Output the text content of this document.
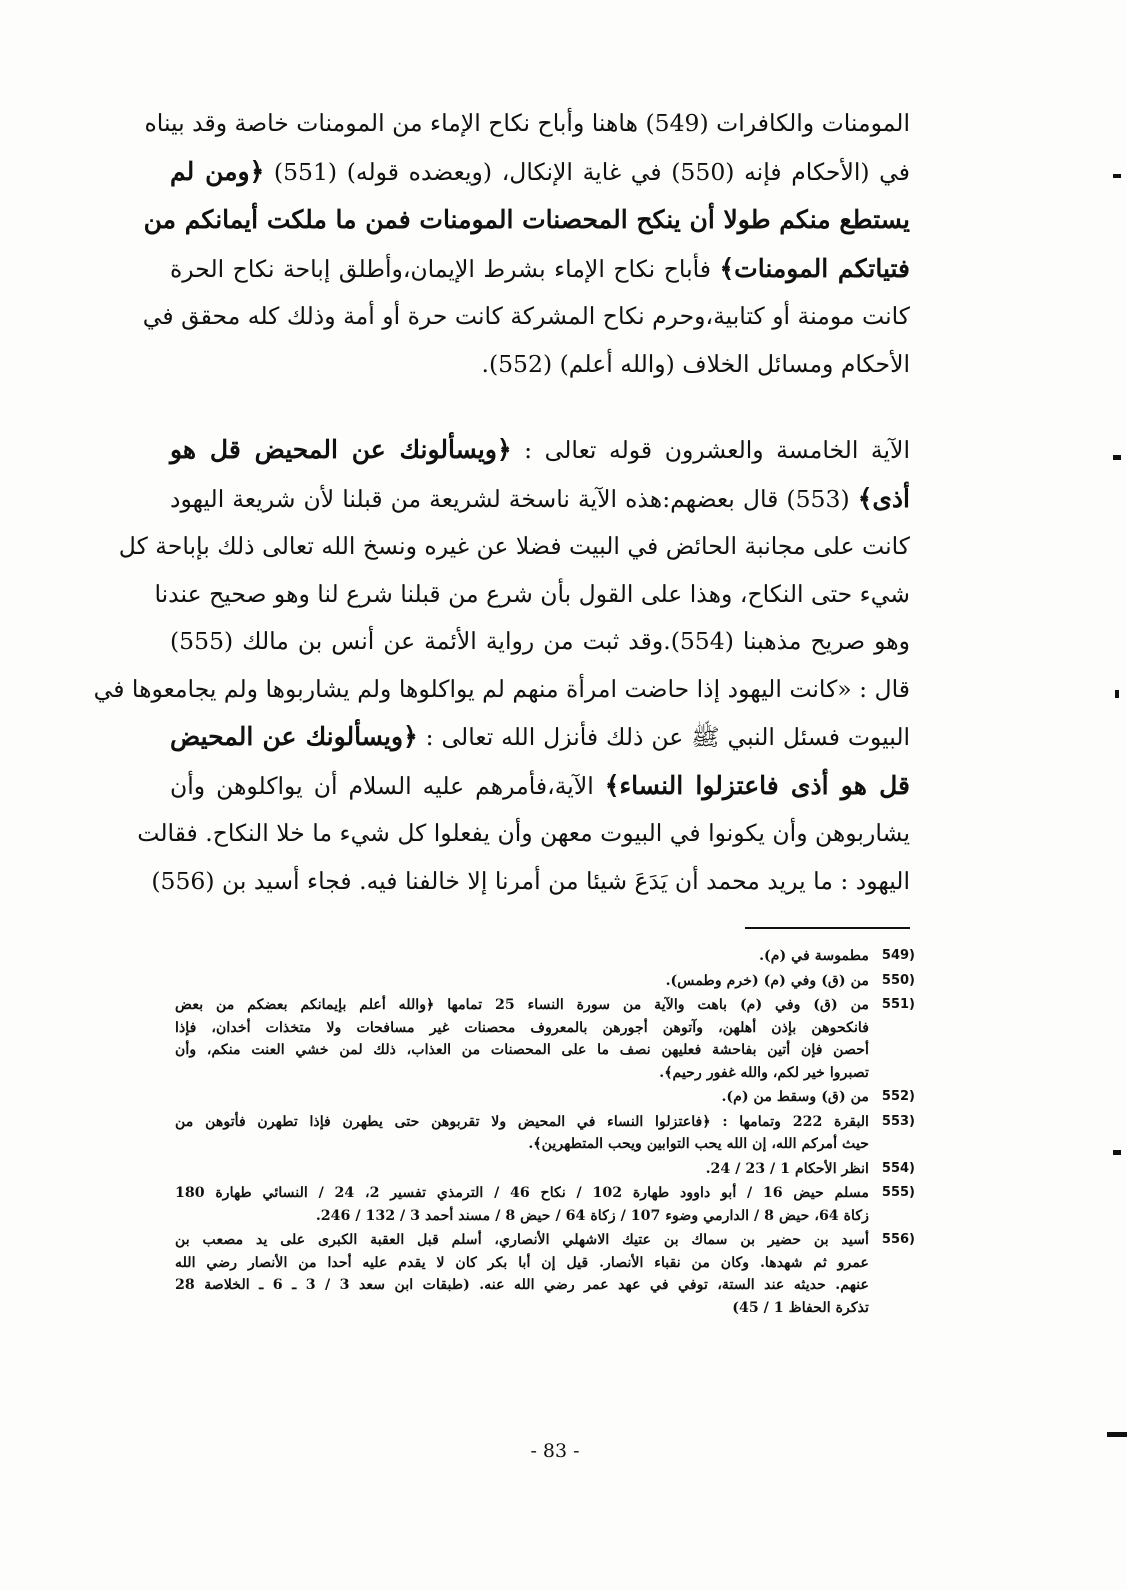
المومنات والكافرات (549) هاهنا وأباح نكاح الإماء من المومنات خاصة وقد بيناه
في (الأحكام فإنه (550) في غاية الإنكال، (ويعضده قوله) (551) ﴿ومن لم
يستطع منكم طولا أن ينكح المحصنات المومنات فمن ما ملكت أيمانكم من
فتياتكم المومنات﴾ فأباح نكاح الإماء بشرط الإيمان،وأطلق إباحة نكاح الحرة
كانت مومنة أو كتابية،وحرم نكاح المشركة كانت حرة أو أمة وذلك كله محقق في
الأحكام ومسائل الخلاف (والله أعلم) (552).
الآية الخامسة والعشرون قوله تعالى : ﴿ويسألونك عن المحيض قل هو
أذى﴾ (553) قال بعضهم:هذه الآية ناسخة لشريعة من قبلنا لأن شريعة اليهود
كانت على مجانبة الحائض في البيت فضلا عن غيره ونسخ الله تعالى ذلك بإباحة كل
شيء حتى النكاح، وهذا على القول بأن شرع من قبلنا شرع لنا وهو صحيح عندنا
وهو صريح مذهبنا (554).وقد ثبت من رواية الأئمة عن أنس بن مالك (555)
قال : «كانت اليهود إذا حاضت امرأة منهم لم يواكلوها ولم يشاربوها ولم يجامعوها في
البيوت فسئل النبي ﷺ عن ذلك فأنزل الله تعالى : ﴿ويسألونك عن المحيض
قل هو أذى فاعتزلوا النساء﴾ الآية،فأمرهم عليه السلام أن يواكلوهن وأن
يشاربوهن وأن يكونوا في البيوت معهن وأن يفعلوا كل شيء ما خلا النكاح. فقالت
اليهود : ما يريد محمد أن يَدَعَ شيئا من أمرنا إلا خالفنا فيه. فجاء أسيد بن (556)
549)
مطموسة في (م).
550)
من (ق) وفي (م) (خرم وطمس).
551)
من (ق) وفي (م) باهت والآية من سورة النساء 25 تمامها ﴿والله أعلم بإيمانكم بعضكم من بعض
فانكحوهن بإذن أهلهن، وآتوهن أجورهن بالمعروف محصنات غير مسافحات ولا متخذات أخدان، فإذا
أحصن فإن أتين بفاحشة فعليهن نصف ما على المحصنات من العذاب، ذلك لمن خشي العنت منكم، وأن
تصبروا خير لكم، والله غفور رحيم﴾.
552)
من (ق) وسقط من (م).
553)
البقرة 222 وتمامها : ﴿فاعتزلوا النساء في المحيض ولا تقربوهن حتى يطهرن فإذا تطهرن فأتوهن من
حيث أمركم الله، إن الله يحب التوابين ويحب المتطهرين﴾.
554)
انظر الأحكام 1 / 23 / 24.
555)
مسلم حيض 16 / أبو داوود طهارة 102 / نكاح 46 / الترمذي تفسير 2، 24 / النسائي طهارة 180
زكاة 64، حيض 8 / الدارمي وضوء 107 / زكاة 64 / حيض 8 / مسند أحمد 3 / 132 / 246.
556)
أسيد بن حضير بن سماك بن عتيك الاشهلي الأنصاري، أسلم قبل العقبة الكبرى على يد مصعب بن
عمرو ثم شهدها. وكان من نقباء الأنصار. قيل إن أبا بكر كان لا يقدم عليه أحدا من الأنصار رضي الله
عنهم. حديثه عند الستة، توفي في عهد عمر رضي الله عنه. (طبقات ابن سعد 3 / 3 ـ 6 ـ الخلاصة 28
تذكرة الحفاظ 1 / 45)
- 83 -
